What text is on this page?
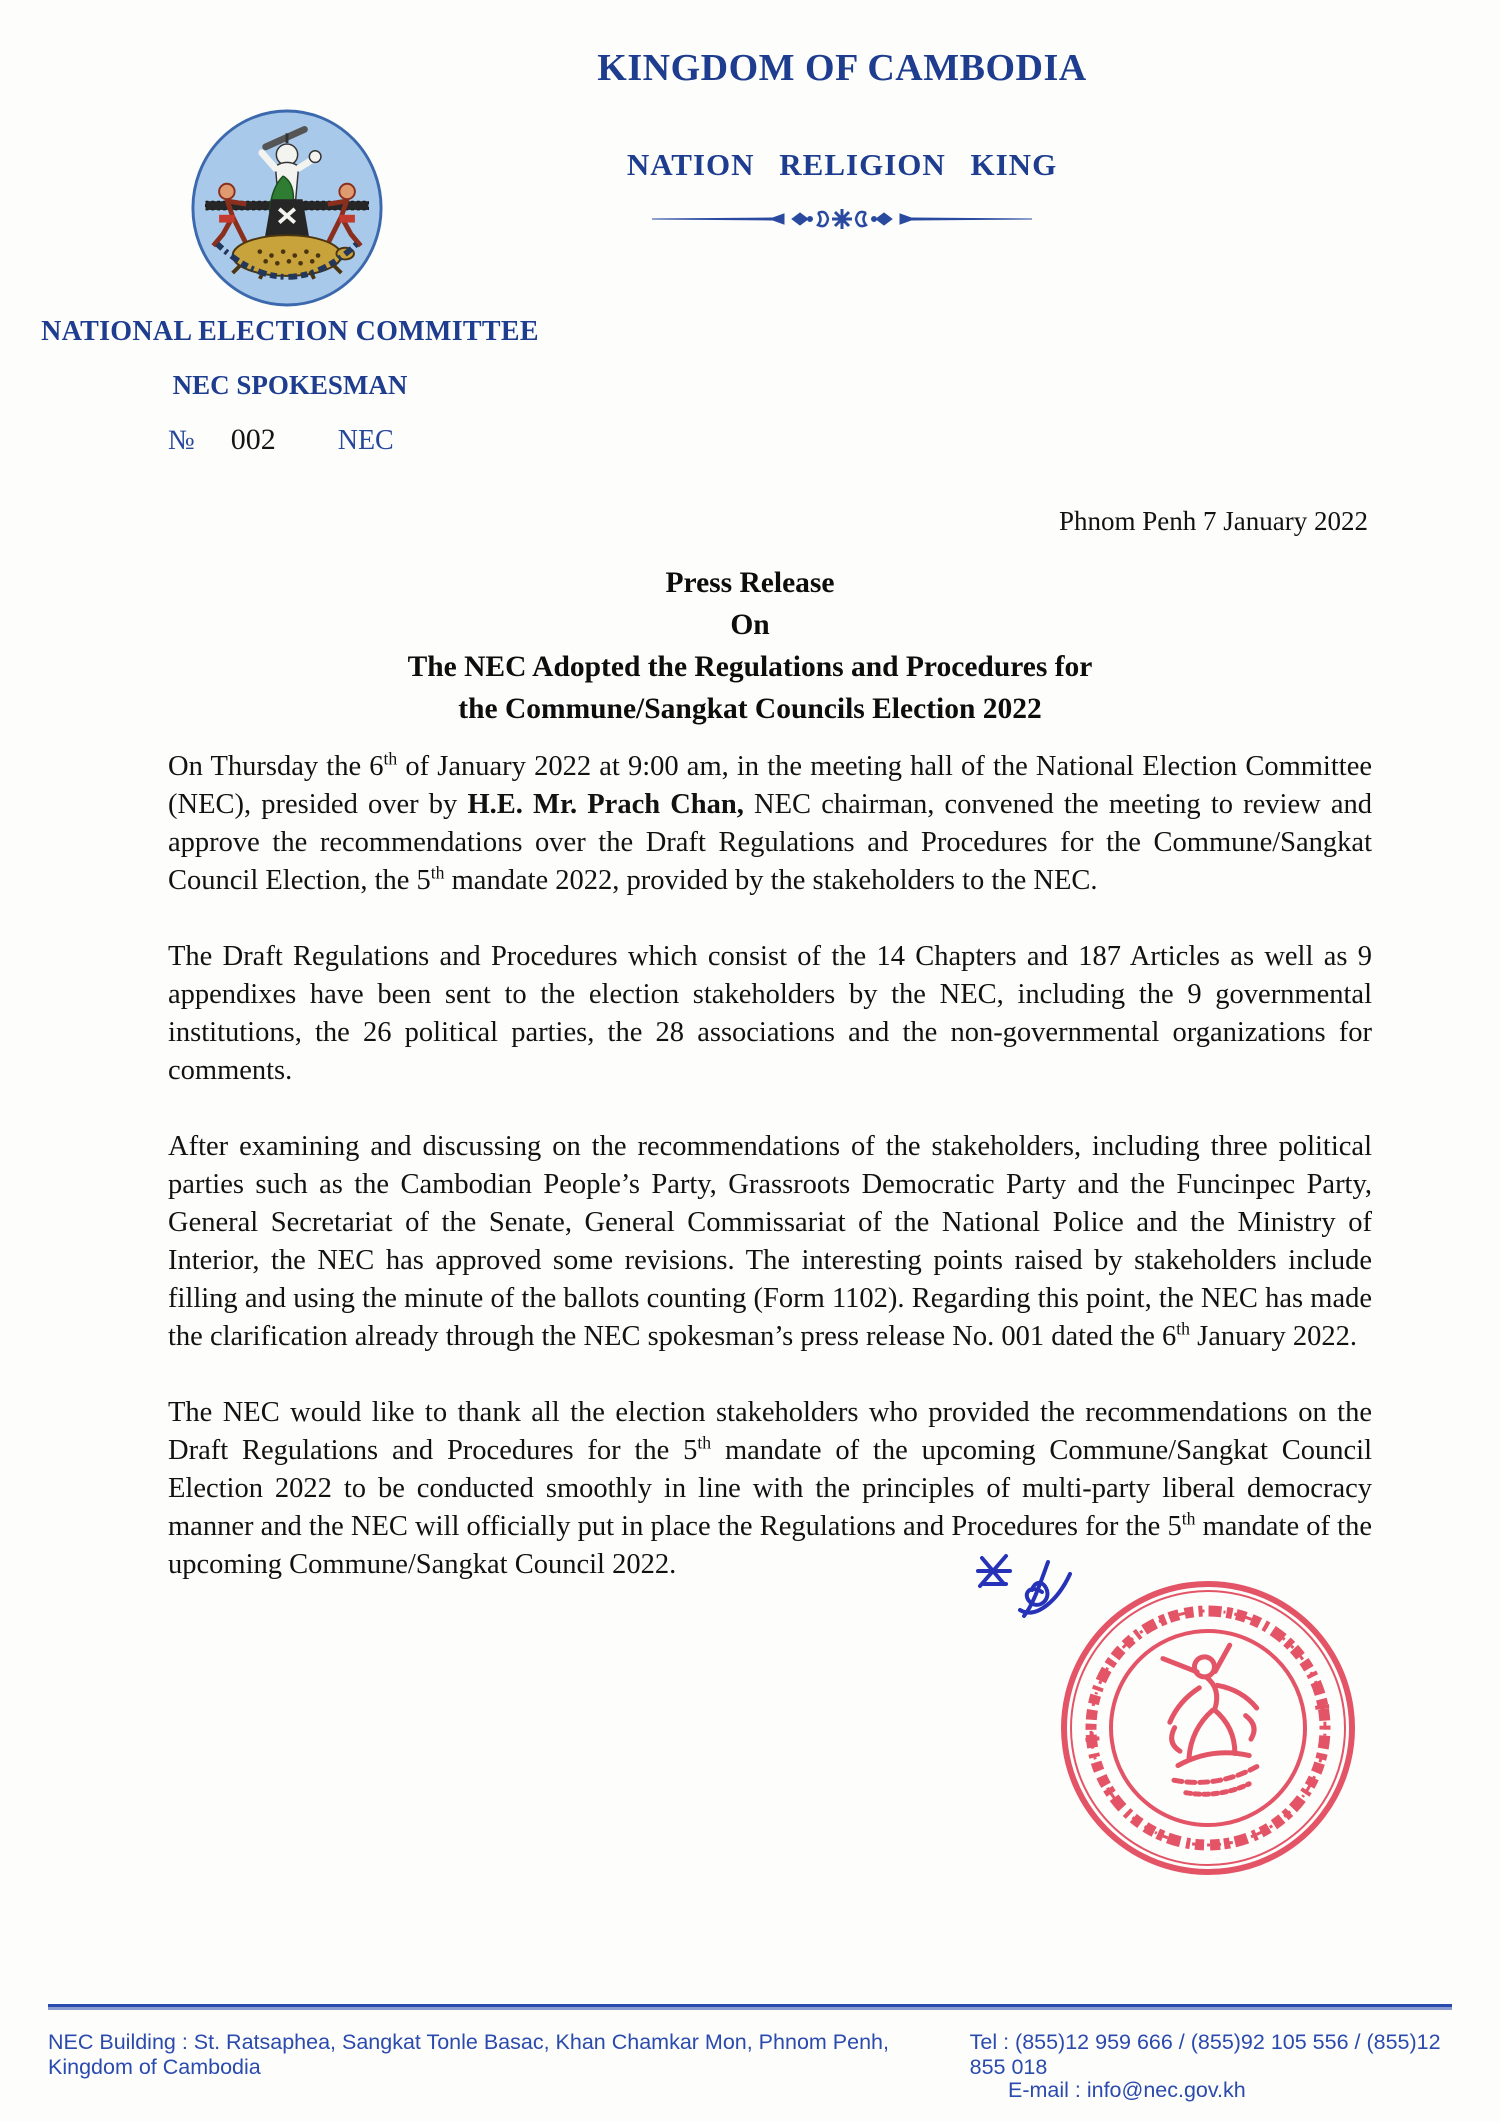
KINGDOM OF CAMBODIA
NATION RELIGION KING
NATIONAL ELECTION COMMITTEE
NEC SPOKESMAN
№ 002 NEC
Phnom Penh 7 January 2022
Press Release
On
The NEC Adopted the Regulations and Procedures for
the Commune/Sangkat Councils Election 2022

On Thursday the 6th of January 2022 at 9:00 am, in the meeting hall of the National Election Committee (NEC), presided over by H.E. Mr. Prach Chan, NEC chairman, convened the meeting to review and approve the recommendations over the Draft Regulations and Procedures for the Commune/Sangkat Council Election, the 5th mandate 2022, provided by the stakeholders to the NEC.

The Draft Regulations and Procedures which consist of the 14 Chapters and 187 Articles as well as 9 appendixes have been sent to the election stakeholders by the NEC, including the 9 governmental institutions, the 26 political parties, the 28 associations and the non-governmental organizations for comments.

After examining and discussing on the recommendations of the stakeholders, including three political parties such as the Cambodian People’s Party, Grassroots Democratic Party and the Funcinpec Party, General Secretariat of the Senate, General Commissariat of the National Police and the Ministry of Interior, the NEC has approved some revisions. The interesting points raised by stakeholders include filling and using the minute of the ballots counting (Form 1102). Regarding this point, the NEC has made the clarification already through the NEC spokesman’s press release No. 001 dated the 6th January 2022.

The NEC would like to thank all the election stakeholders who provided the recommendations on the Draft Regulations and Procedures for the 5th mandate of the upcoming Commune/Sangkat Council Election 2022 to be conducted smoothly in line with the principles of multi-party liberal democracy manner and the NEC will officially put in place the Regulations and Procedures for the 5th mandate of the upcoming Commune/Sangkat Council 2022.

NEC Building : St. Ratsaphea, Sangkat Tonle Basac, Khan Chamkar Mon, Phnom Penh, Kingdom of Cambodia
Tel : (855)12 959 666 / (855)92 105 556 / (855)12 855 018
E-mail : info@nec.gov.kh
